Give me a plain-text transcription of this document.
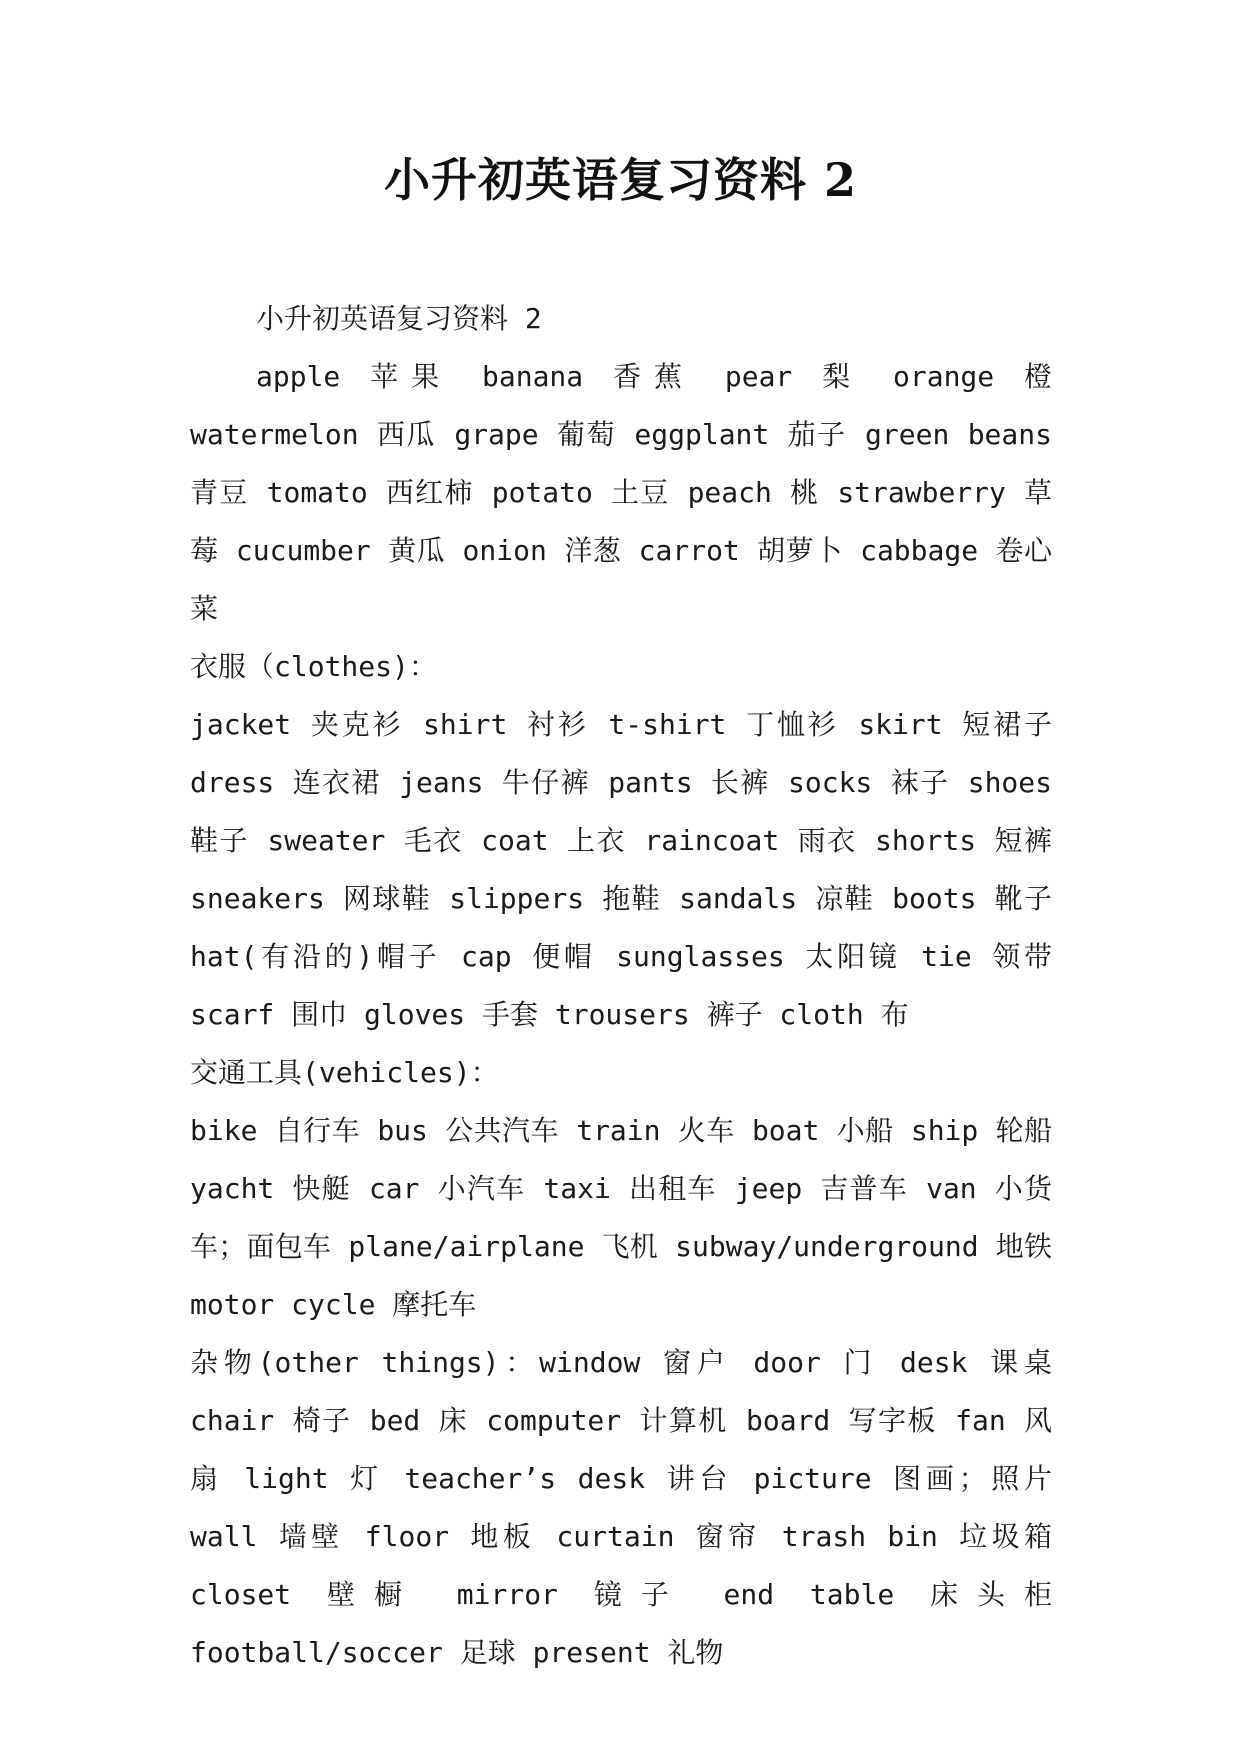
小升初英语复习资料 2

小升初英语复习资料 2

apple 苹果 banana 香蕉 pear 梨 orange 橙 watermelon 西瓜 grape 葡萄 eggplant 茄子 green beans 青豆 tomato 西红柿 potato 土豆 peach 桃 strawberry 草莓 cucumber 黄瓜 onion 洋葱 carrot 胡萝卜 cabbage 卷心菜

衣服（clothes)：

jacket 夹克衫 shirt 衬衫 t-shirt 丁恤衫 skirt 短裙子 dress 连衣裙 jeans 牛仔裤 pants 长裤 socks 袜子 shoes 鞋子 sweater 毛衣 coat 上衣 raincoat 雨衣 shorts 短裤 sneakers 网球鞋 slippers 拖鞋 sandals 凉鞋 boots 靴子 hat(有沿的)帽子 cap 便帽 sunglasses 太阳镜 tie 领带 scarf 围巾 gloves 手套 trousers 裤子 cloth 布

交通工具(vehicles)：

bike 自行车 bus 公共汽车 train 火车 boat 小船 ship 轮船 yacht 快艇 car 小汽车 taxi 出租车 jeep 吉普车 van 小货车；面包车 plane/airplane 飞机 subway/underground 地铁 motor cycle 摩托车

杂物(other things)：window 窗户 door 门 desk 课桌 chair 椅子 bed 床 computer 计算机 board 写字板 fan 风扇 light 灯 teacher’s desk 讲台 picture 图画；照片 wall 墙壁 floor 地板 curtain 窗帘 trash bin 垃圾箱 closet 壁橱 mirror 镜子 end table 床头柜 football/soccer 足球 present 礼物
